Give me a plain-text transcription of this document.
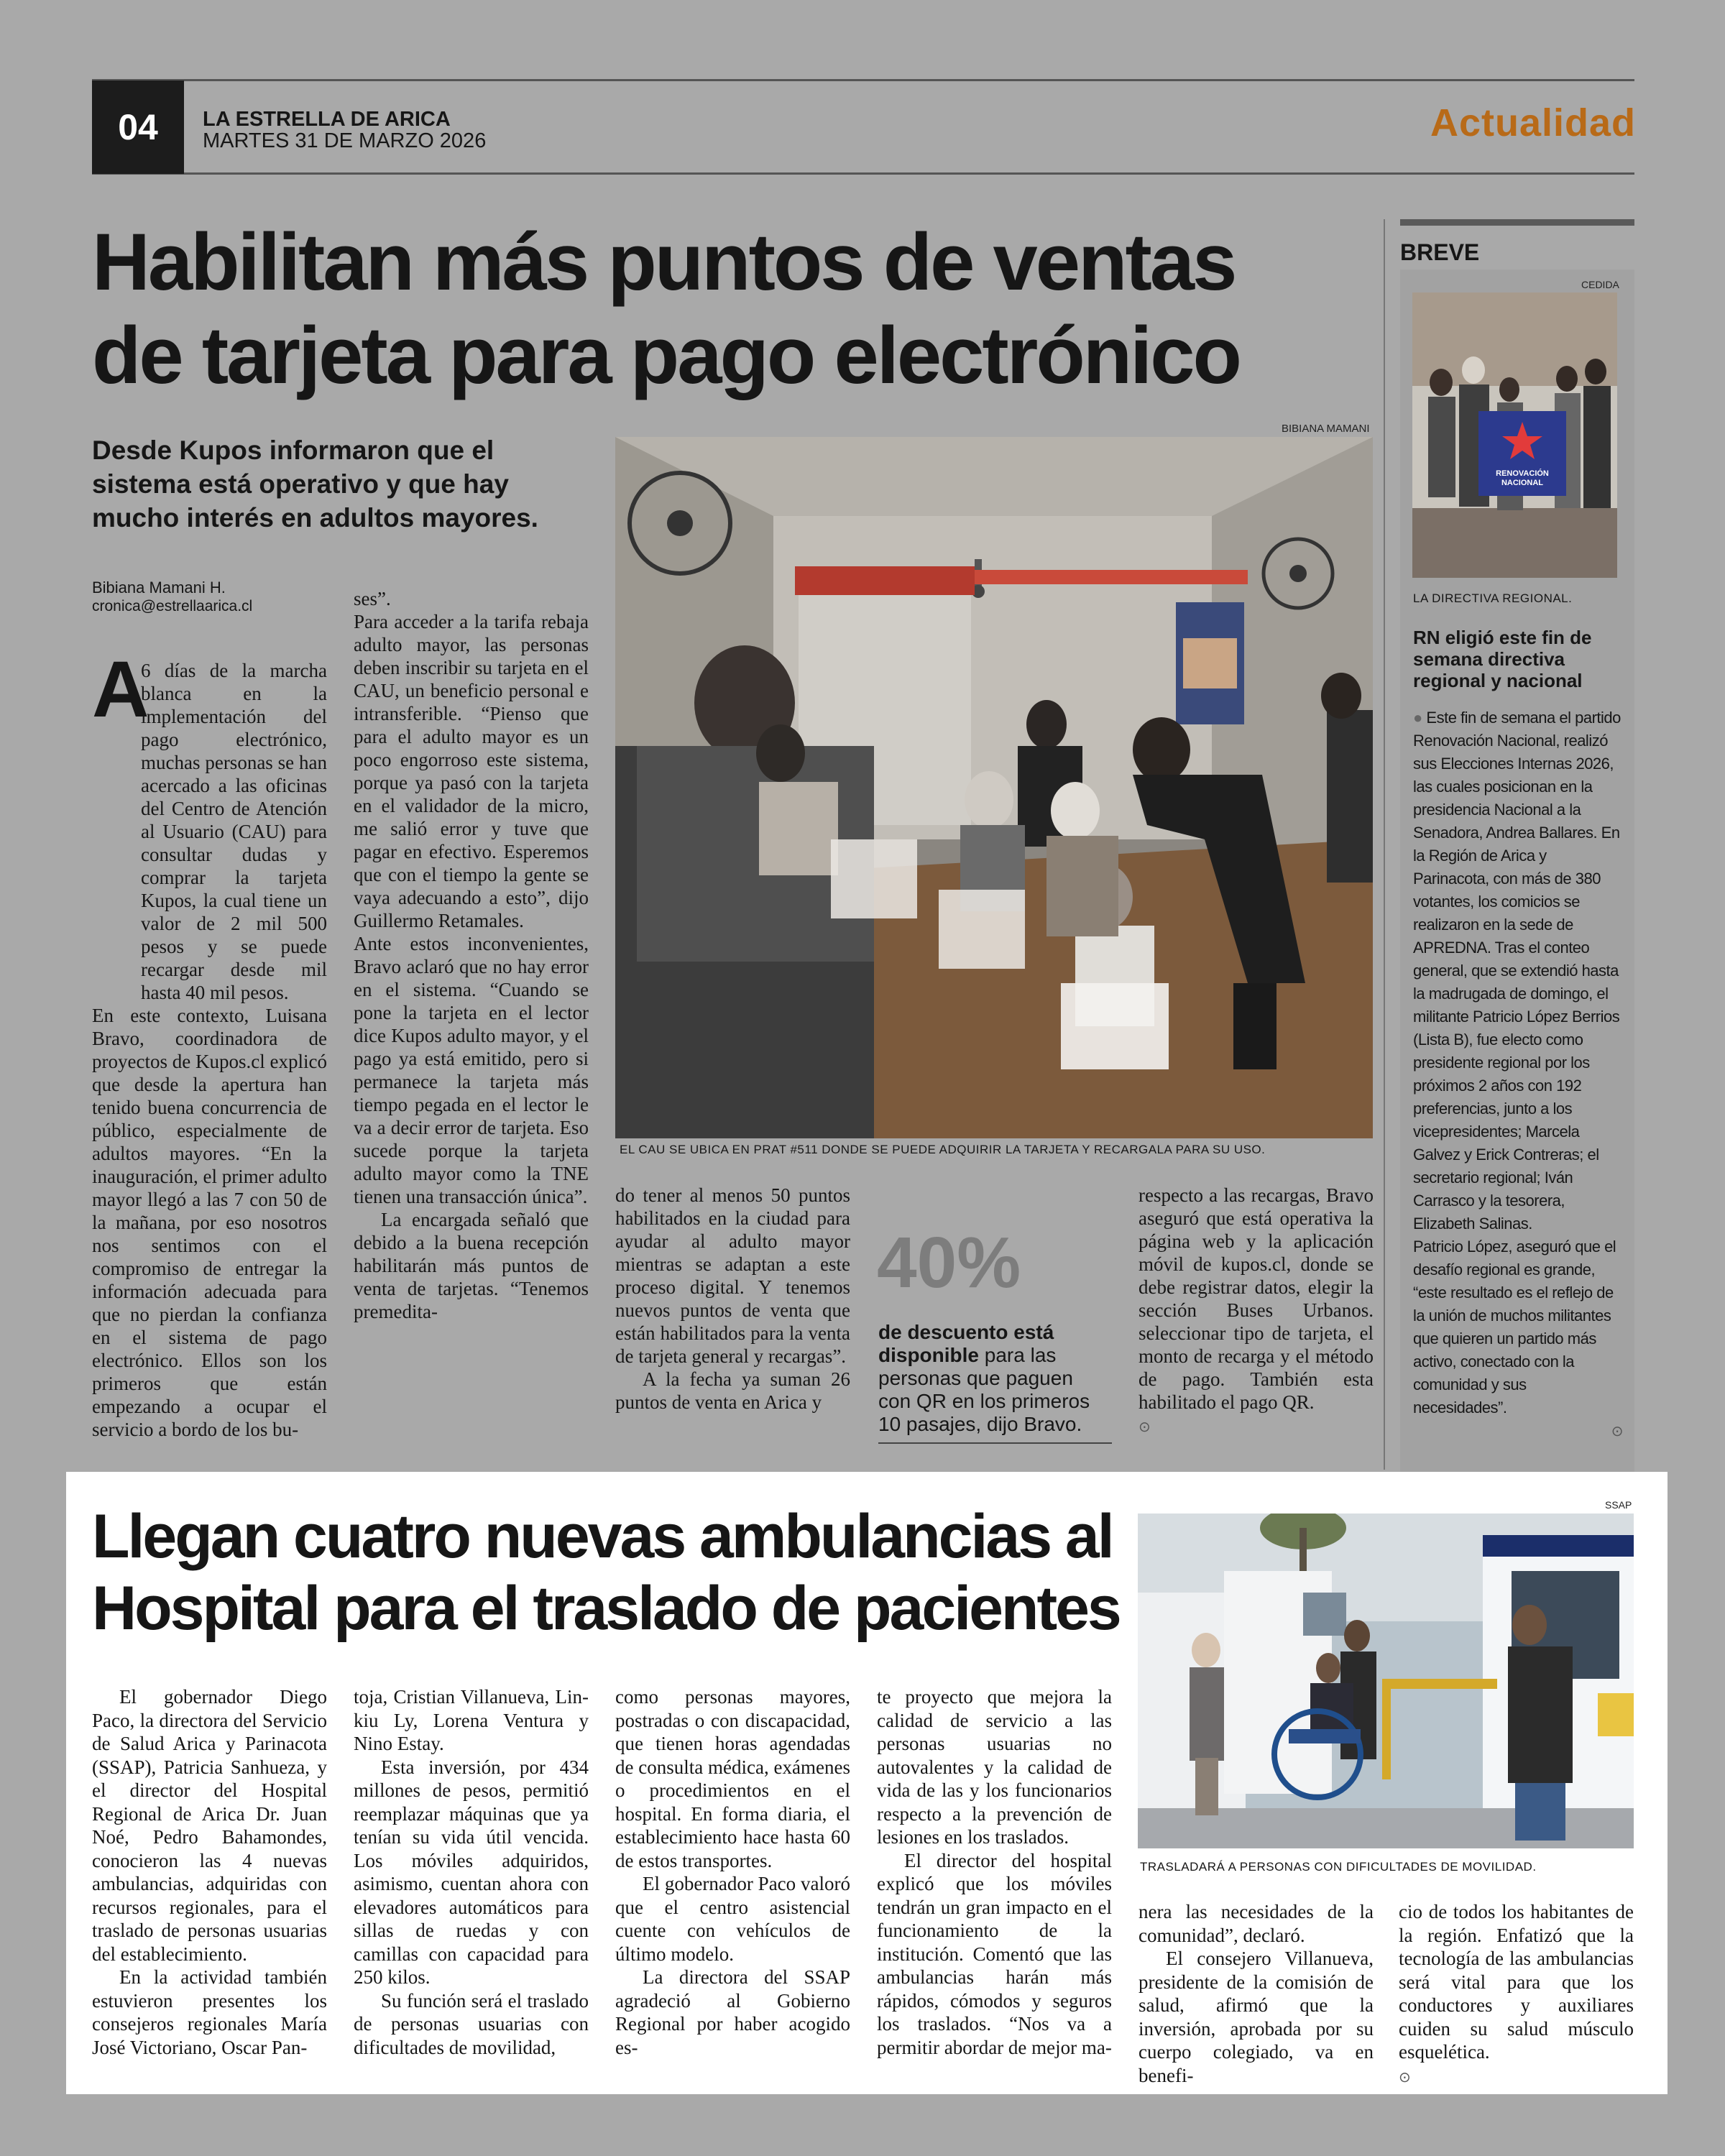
04	LA ESTRELLA DE ARICA
MARTES 31 DE MARZO 2026	Actualidad
Habilitan más puntos de ventas
de tarjeta para pago electrónico
Desde Kupos informaron que el sistema está operativo y que hay mucho interés en adultos mayores.
Bibiana Mamani H.
cronica@estrellaarica.cl
BIBIANA MAMANI
EL CAU SE UBICA EN PRAT #511 DONDE SE PUEDE ADQUIRIR LA TARJETA Y RECARGALA PARA SU USO.
A

6 días de la marcha blanca en la implementación del pago electrónico, muchas personas se han acercado a las oficinas del Centro de Atención al Usuario (CAU) para consultar dudas y comprar la tarjeta Kupos, la cual tiene un valor de 2 mil 500 pesos y se puede recargar desde mil hasta 40 mil pesos.

En este contexto, Luisana Bravo, coordinadora de proyectos de Kupos.cl explicó que desde la apertura han tenido buena concurrencia de público, especialmente de adultos mayores. “En la inauguración, el primer adulto mayor llegó a las 7 con 50 de la mañana, por eso nosotros nos sentimos con el compromiso de entregar la información adecuada para que no pierdan la confianza en el sistema de pago electrónico. Ellos son los primeros que están empezando a ocupar el servicio a bordo de los bu-

ses”.

Para acceder a la tarifa rebaja adulto mayor, las personas deben inscribir su tarjeta en el CAU, un beneficio personal e intransferible. “Pienso que para el adulto mayor es un poco engorroso este sistema, porque ya pasó con la tarjeta en el validador de la micro, me salió error y tuve que pagar en efectivo. Esperemos que con el tiempo la gente se vaya adecuando a esto”, dijo Guillermo Retamales.

Ante estos inconvenientes, Bravo aclaró que no hay error en el sistema. “Cuando se pone la tarjeta en el lector dice Kupos adulto mayor, y el pago ya está emitido, pero si permanece la tarjeta más tiempo pegada en el lector le va a decir error de tarjeta. Eso sucede porque la tarjeta adulto mayor como la TNE tienen una transacción única”.

La encargada señaló que debido a la buena recepción habilitarán más puntos de venta de tarjetas. “Tenemos premedita-

do tener al menos 50 puntos habilitados en la ciudad para ayudar al adulto mayor mientras se adaptan a este proceso digital. Y tenemos nuevos puntos de venta que están habilitados para la venta de tarjeta general y recargas”.

A la fecha ya suman 26 puntos de venta en Arica y

40%
de descuento está disponible para las personas que paguen con QR en los primeros 10 pasajes, dijo Bravo.

respecto a las recargas, Bravo aseguró que está operativa la página web y la aplicación móvil de kupos.cl, donde se debe registrar datos, elegir la sección Buses Urbanos. seleccionar tipo de tarjeta, el monto de recarga y el método de pago. También esta habilitado el pago QR.

⊙
BREVE
CEDIDA
RENOVACIÓN
NACIONAL
LA DIRECTIVA REGIONAL.
RN eligió este fin de semana directiva regional y nacional
● Este fin de semana el partido Renovación Nacional, realizó sus Elecciones Internas 2026, las cuales posicionan en la presidencia Nacional a la Senadora, Andrea Ballares. En la Región de Arica y Parinacota, con más de 380 votantes, los comicios se realizaron en la sede de APREDNA. Tras el conteo general, que se extendió hasta la madrugada de domingo, el militante Patricio López Berrios (Lista B), fue electo como presidente regional por los próximos 2 años con 192 preferencias, junto a los vicepresidentes; Marcela Galvez y Erick Contreras; el secretario regional; Iván Carrasco y la tesorera, Elizabeth Salinas.
Patricio López, aseguró que el desafío regional es grande, “este resultado es el reflejo de la unión de muchos militantes que quieren un partido más activo, conectado con la comunidad y sus necesidades”.
⊙
Llegan cuatro nuevas ambulancias al
Hospital para el traslado de pacientes
SSAP
TRASLADARÁ A PERSONAS CON DIFICULTADES DE MOVILIDAD.

El gobernador Diego Paco, la directora del Servicio de Salud Arica y Parinacota (SSAP), Patricia Sanhueza, y el director del Hospital Regional de Arica Dr. Juan Noé, Pedro Bahamondes, conocieron las 4 nuevas ambulancias, adquiridas con recursos regionales, para el traslado de personas usuarias del establecimiento.

En la actividad también estuvieron presentes los consejeros regionales María José Victoriano, Oscar Pan-

toja, Cristian Villanueva, Lin-kiu Ly, Lorena Ventura y Nino Estay.

Esta inversión, por 434 millones de pesos, permitió reemplazar máquinas que ya tenían su vida útil vencida. Los móviles adquiridos, asimismo, cuentan ahora con elevadores automáticos para sillas de ruedas y con camillas con capacidad para 250 kilos.

Su función será el traslado de personas usuarias con dificultades de movilidad,

como personas mayores, postradas o con discapacidad, que tienen horas agendadas de consulta médica, exámenes o procedimientos en el hospital. En forma diaria, el establecimiento hace hasta 60 de estos transportes.

El gobernador Paco valoró que el centro asistencial cuente con vehículos de último modelo.

La directora del SSAP agradeció al Gobierno Regional por haber acogido es-

te proyecto que mejora la calidad de servicio a las personas usuarias no autovalentes y la calidad de vida de las y los funcionarios respecto a la prevención de lesiones en los traslados.

El director del hospital explicó que los móviles tendrán un gran impacto en el funcionamiento de la institución. Comentó que las ambulancias harán más rápidos, cómodos y seguros los traslados. “Nos va a permitir abordar de mejor ma-

nera las necesidades de la comunidad”, declaró.

El consejero Villanueva, presidente de la comisión de salud, afirmó que la inversión, aprobada por su cuerpo colegiado, va en benefi-

cio de todos los habitantes de la región. Enfatizó que la tecnología de las ambulancias será vital para que los conductores y auxiliares cuiden su salud músculo esquelética.

⊙
